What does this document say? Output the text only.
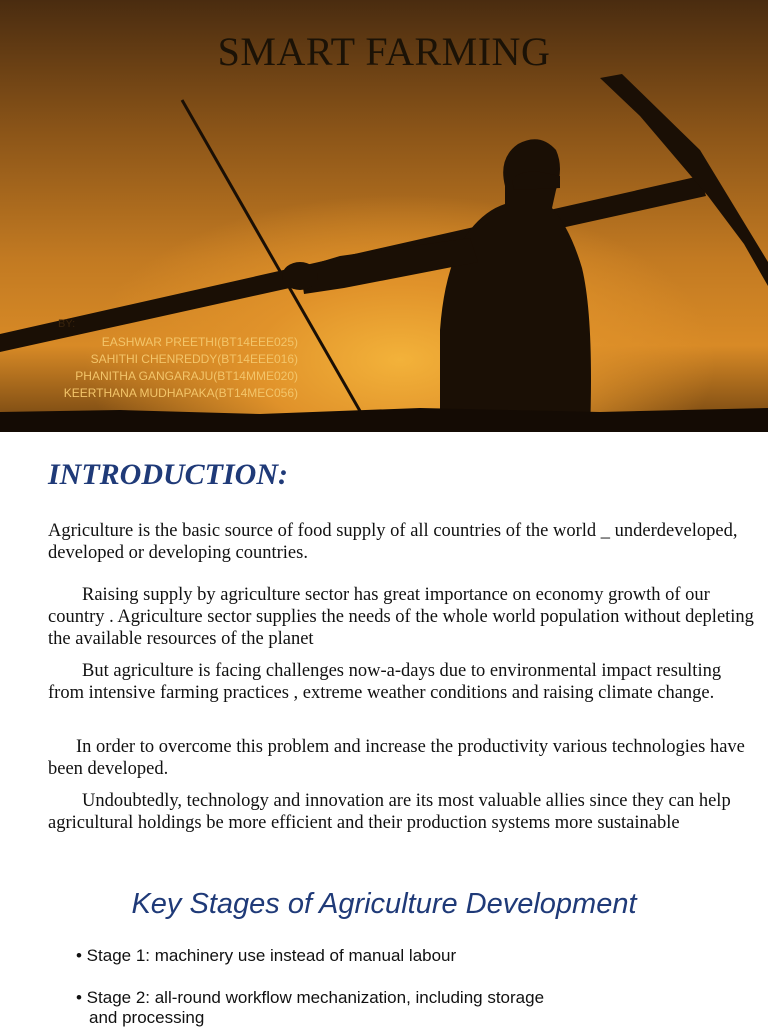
SMART FARMING
BY:
EASHWAR PREETHI(BT14EEE025)
SAHITHI CHENREDDY(BT14EEE016)
PHANITHA GANGARAJU(BT14MME020)
KEERTHANA MUDHAPAKA(BT14MEC056)
INTRODUCTION:

Agriculture is the basic source of food supply of all countries of the world _ underdeveloped, developed or developing countries.

Raising supply by agriculture sector has great importance on economy growth of our country . Agriculture sector supplies the needs of the whole world population without depleting the available resources of the planet

But agriculture is facing challenges now-a-days due to environmental impact resulting from intensive farming practices , extreme weather conditions and raising climate change.

In order to overcome this problem and increase the productivity various technologies have been developed.

Undoubtedly, technology and innovation are its most valuable allies since they can help agricultural holdings be more efficient and their production systems more sustainable

Key Stages of Agriculture Development
• Stage 1: machinery use instead of manual labour
• Stage 2: all-round workflow mechanization, including storage
and processing
